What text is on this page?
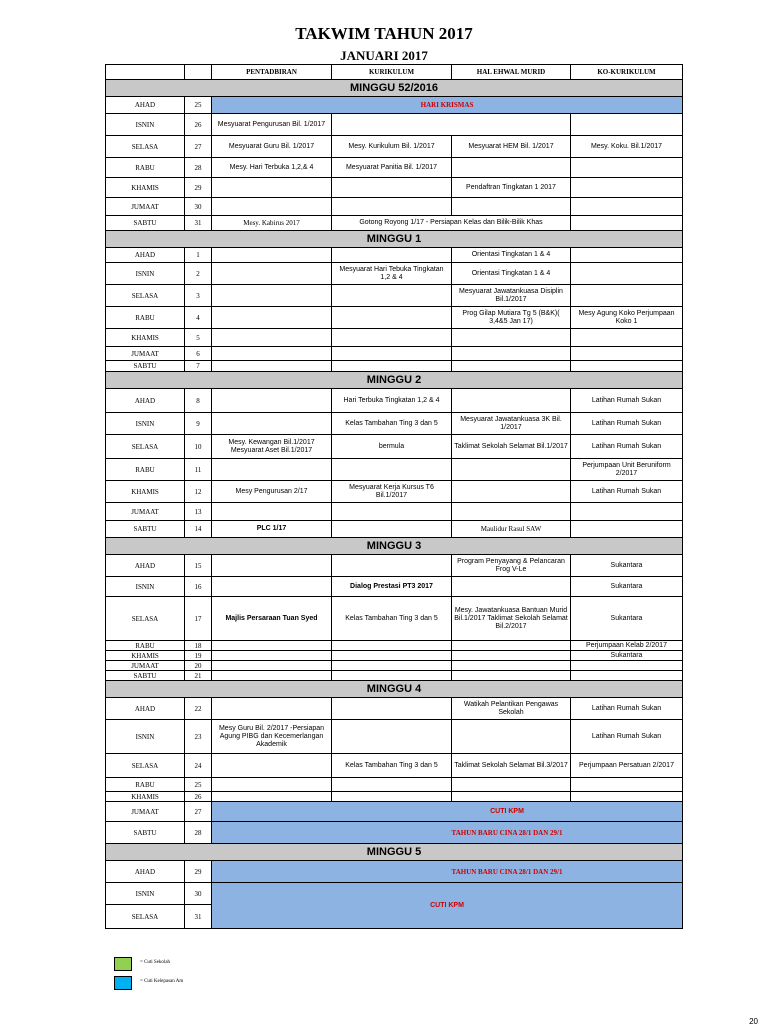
TAKWIM TAHUN 2017
JANUARI 2017
		PENTADBIRAN	KURIKULUM	HAL EHWAL MURID	KO-KURIKULUM
MINGGU 52/2016					
AHAD	25	HARI KRISMAS			
ISNIN	26	Mesyuarat Pengurusan Bil. 1/2017			
SELASA	27	Mesyuarat Guru Bil. 1/2017	Mesy. Kurikulum Bil. 1/2017	Mesyuarat HEM Bil. 1/2017	Mesy. Koku. Bil.1/2017
RABU	28	Mesy. Hari Terbuka 1,2,& 4	Mesyuarat Panitia Bil. 1/2017		
KHAMIS	29			Pendaftran Tingkatan 1 2017	
JUMAAT	30				
SABTU	31	Mesy. Kabirus 2017	Gotong Royong 1/17 - Persiapan Kelas dan Bilik-Bilik Khas		
MINGGU 1					
AHAD	1			Orientasi Tingkatan 1 & 4	
ISNIN	2		Mesyuarat Hari Tebuka Tingkatan 1,2 & 4	Orientasi Tingkatan 1 & 4	
SELASA	3			Mesyuarat Jawatankuasa Disiplin Bil.1/2017	
RABU	4			Prog Gilap Mutiara Tg 5 (B&K)( 3,4&5 Jan 17)	Mesy Agung Koko Perjumpaan Koko 1
KHAMIS	5				
JUMAAT	6				
SABTU	7				
MINGGU 2					
AHAD	8		Hari Terbuka Tingkatan 1,2 & 4		Latihan Rumah Sukan
ISNIN	9		Kelas Tambahan Ting 3 dan 5	Mesyuarat Jawatankuasa 3K Bil. 1/2017	Latihan Rumah Sukan
SELASA	10	Mesy. Kewangan Bil.1/2017 Mesyuarat Aset Bil.1/2017	bermula	Taklimat Sekolah Selamat Bil.1/2017	Latihan Rumah Sukan
RABU	11				Perjumpaan Unit Beruniform 2/2017
KHAMIS	12	Mesy Pengurusan 2/17	Mesyuarat Kerja Kursus T6 Bil.1/2017		Latihan Rumah Sukan
JUMAAT	13				
SABTU	14	PLC 1/17		Maulidur Rasul SAW	
MINGGU 3					
AHAD	15			Program Penyayang & Pelancaran Frog V-Le	Sukantara
ISNIN	16		Dialog Prestasi PT3 2017		Sukantara
SELASA	17	Majlis Persaraan Tuan Syed	Kelas Tambahan Ting 3 dan 5	Mesy. Jawatankuasa Bantuan Murid Bil.1/2017 Taklimat Sekolah Selamat Bil.2/2017	Sukantara
RABU	18				Perjumpaan Kelab 2/2017
KHAMIS	19				Sukantara
JUMAAT	20				
SABTU	21				
MINGGU 4					
AHAD	22			Watikah Pelantikan Pengawas Sekolah	Latihan Rumah Sukan
ISNIN	23	Mesy Guru Bil. 2/2017 -Persiapan Agung PIBG dan Kecemerlangan Akademik			Latihan Rumah Sukan
SELASA	24		Kelas Tambahan Ting 3 dan 5	Taklimat Sekolah Selamat Bil.3/2017	Perjumpaan Persatuan 2/2017
RABU	25				
KHAMIS	26				
JUMAAT	27	CUTI KPM			
SABTU	28	TAHUN BARU CINA 28/1 DAN 29/1			
MINGGU 5					
AHAD	29	TAHUN BARU CINA 28/1 DAN 29/1			
ISNIN	30	CUTI KPM			
SELASA	31				
= Cuti Sekolah
= Cuti Kelepasan Am
20
